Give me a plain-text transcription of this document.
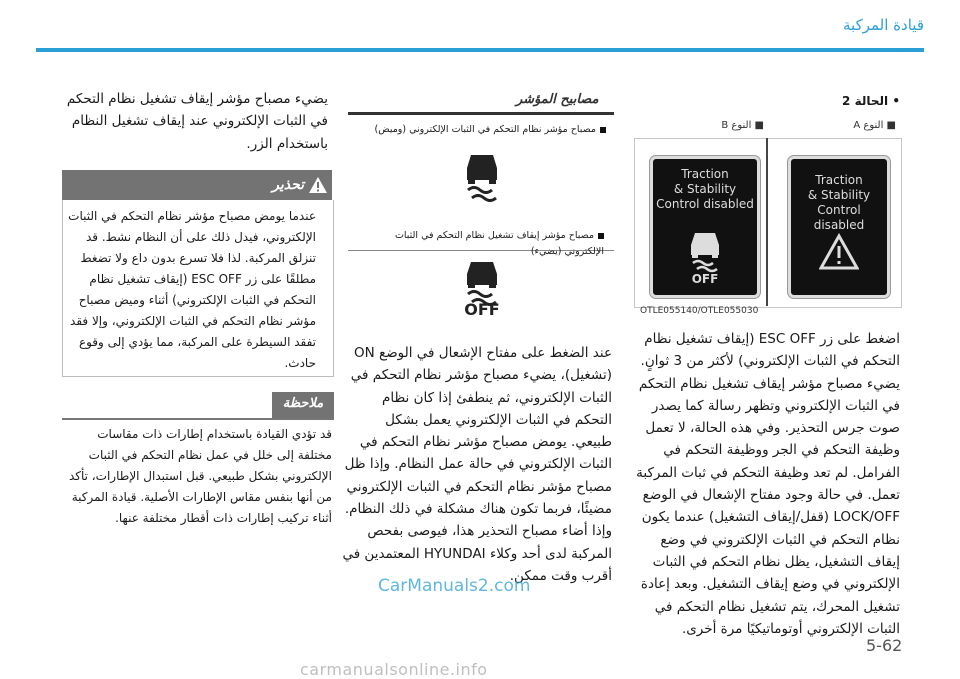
قيادة المركبة
• الحالة 2
■ النوع A
■ النوع B
Traction
& Stability
Control disabled
Traction
& Stability
Control disabled
OFF
OTLE055140/OTLE055030
اضغط على زر ESC OFF (إيقاف تشغيل نظام التحكم في الثبات الإلكتروني) لأكثر من 3 ثوانٍ. يضيء مصباح مؤشر إيقاف تشغيل نظام التحكم في الثبات الإلكتروني وتظهر رسالة كما يصدر صوت جرس التحذير. وفي هذه الحالة، لا تعمل وظيفة التحكم في الجر ووظيفة التحكم في الفرامل. لم تعد وظيفة التحكم في ثبات المركبة تعمل. في حالة وجود مفتاح الإشعال في الوضع LOCK/OFF (قفل/إيقاف التشغيل) عندما يكون نظام التحكم في الثبات الإلكتروني في وضع إيقاف التشغيل، يظل نظام التحكم في الثبات الإلكتروني في وضع إيقاف التشغيل. وبعد إعادة تشغيل المحرك، يتم تشغيل نظام التحكم في الثبات الإلكتروني أوتوماتيكيًا مرة أخرى.
مصابيح المؤشر
مصباح مؤشر نظام التحكم في الثبات الإلكتروني (وميض)
مصباح مؤشر إيقاف تشغيل نظام التحكم في الثبات الإلكتروني (يضيء)
OFF
عند الضغط على مفتاح الإشعال في الوضع ON (تشغيل)، يضيء مصباح مؤشر نظام التحكم في الثبات الإلكتروني، ثم ينطفئ إذا كان نظام التحكم في الثبات الإلكتروني يعمل بشكل طبيعي. يومض مصباح مؤشر نظام التحكم في الثبات الإلكتروني في حالة عمل النظام. وإذا ظل مصباح مؤشر نظام التحكم في الثبات الإلكتروني مضيئًا، فربما تكون هناك مشكلة في ذلك النظام. وإذا أضاء مصباح التحذير هذا، فيوصى بفحص المركبة لدى أحد وكلاء HYUNDAI المعتمدين في أقرب وقت ممكن.
يضيء مصباح مؤشر إيقاف تشغيل نظام التحكم في الثبات الإلكتروني عند إيقاف تشغيل النظام باستخدام الزر.
تحذير
عندما يومض مصباح مؤشر نظام التحكم في الثبات الإلكتروني، فيدل ذلك على أن النظام نشط. قد تنزلق المركبة. لذا فلا تسرع بدون داع ولا تضغط مطلقًا على زر ESC OFF (إيقاف تشغيل نظام التحكم في الثبات الإلكتروني) أثناء وميض مصباح مؤشر نظام التحكم في الثبات الإلكتروني، وإلا فقد تفقد السيطرة على المركبة، مما يؤدي إلى وقوع حادث.
ملاحظة
قد تؤدي القيادة باستخدام إطارات ذات مقاسات مختلفة إلى خلل في عمل نظام التحكم في الثبات الإلكتروني بشكل طبيعي. قبل استبدال الإطارات، تأكد من أنها بنفس مقاس الإطارات الأصلية. قيادة المركبة أثناء تركيب إطارات ذات أقطار مختلفة عنها.
CarManuals2.com
5-62
carmanualsonline.info
